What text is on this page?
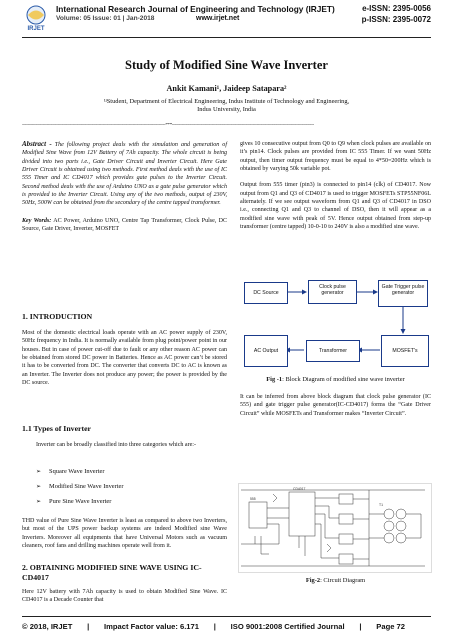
IRJET
International Research Journal of Engineering and Technology (IRJET)
Volume: 05 Issue: 01 | Jan-2018	www.irjet.net
e-ISSN: 2395-0056
p-ISSN: 2395-0072
Study of Modified Sine Wave Inverter
Ankit Kamani¹, Jaideep Satapara²
¹ʲStudent, Department of Electrical Engineering, Indus Institute of Technology and Engineering,
Indus University, India
---------------------------------------------------------------------------------------------------------***--------------------------------------------------------------------------------------------------------

Abstract - The following project deals with the simulation and generation of Modified Sine Wave from 12V Battery of 7Ah capacity. The whole circuit is being divided into two parts i.e., Gate Driver Circuit and Inverter Circuit. Here Gate Driver Circuit is obtained using two methods. First method deals with the use of IC 555 Timer and IC CD4017 which provides gate pulses to the Inverter Circuit. Second method deals with the use of Arduino UNO as a gate pulse generator which is provided to the Inverter Circuit. Using any of the two methods, output of 230V, 50Hz, 500W can be obtained from the secondary of the centre tapped transformer.

Key Words: AC Power, Arduino UNO, Centre Tap Transformer, Clock Pulse, DC Source, Gate Driver, Inverter, MOSFET

1. INTRODUCTION
Most of the domestic electrical loads operate with an AC power supply of 230V, 50Hz frequency in India. It is normally available from plug point/power point in our houses. But in case of power cut-off due to fault or any other reason AC power can be obtained from stored DC power in Batteries. Hence as AC power can’t be stored it has to be converted from DC. The converter that converts DC to AC is known as an Inverter. The Inverter does not produce any power; the power is provided by the DC source.
1.1 Types of Inverter
Inverter can be broadly classified into three categories which are:-
➢ Square Wave Inverter
➢ Modified Sine Wave Inverter
➢ Pure Sine Wave Inverter
THD value of Pure Sine Wave Inverter is least as compared to above two Inverters, but most of the UPS power backup systems are indeed Modified sine Wave Inverters. Moreover all equipments that have Universal Motors such as vacuum cleaners, roof fans and drilling machines operate well from it.
2. OBTAINING MODIFIED SINE WAVE USING IC-CD4017
Here 12V battery with 7Ah capacity is used to obtain Modified Sine Wave. IC CD4017 is a Decade Counter that

gives 10 consecutive output from Q0 to Q9 when clock pulses are available on it’s pin14. Clock pulses are provided from IC 555 Timer. If we want 50Hz output, then timer output frequency must be equal to 4*50=200Hz which is obtained by varying 50k variable pot.

Output from 555 timer (pin3) is connected to pin14 (clk) of CD4017. Now output from Q1 and Q3 of CD4017 is used to trigger MOSFETs STP55NF06L alternately. If we see output waveform from Q1 and Q3 of CD4017 in DSO i.e., connecting Q1 and Q3 to channel of DSO, then it will appear as a modified sine wave with peak of 5V. Hence output obtained from step-up transformer (centre tapped) 10-0-10 to 240V is also a modified sine wave.

DC Source
Clock pulse generator
Gate Trigger pulse generator
MOSFET's
Transformer
AC Output
Fig -1: Block Diagram of modified sine wave inverter
It can be inferred from above block diagram that clock pulse generator (IC 555) and gate trigger pulse generator(IC-CD4017) forms the “Gate Driver Circuit” while MOSFETs and Transformer makes “Inverter Circuit”.
555
CD4017
T1
Fig-2: Circuit Diagram
© 2018, IRJET       |       Impact Factor value: 6.171       |       ISO 9001:2008 Certified Journal       |       Page 72
